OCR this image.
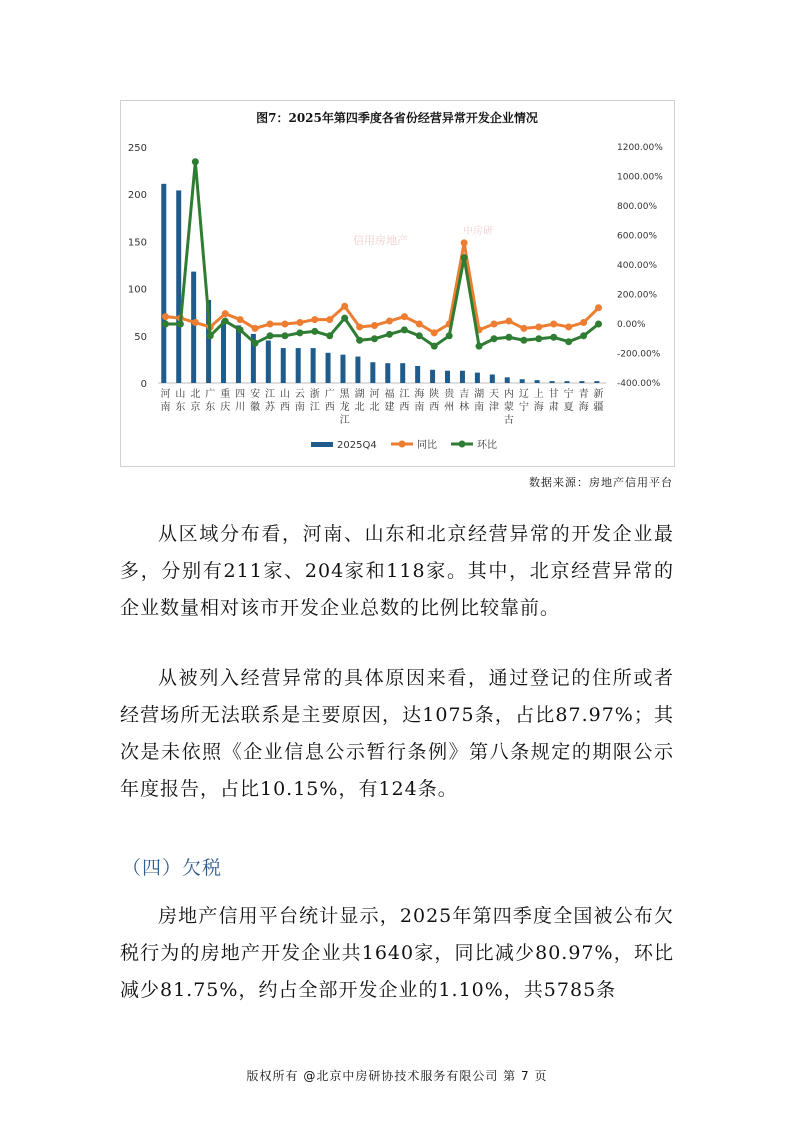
图7：2025年第四季度各省份经营异常开发企业情况
信用房地产
中房研
0
50
100
150
200
250
-400.00%
-200.00%
0.00%
200.00%
400.00%
600.00%
800.00%
1000.00%
1200.00%
河南
山东
北京
广东
重庆
四川
安徽
江苏
山西
云南
浙江
广西
黑龙江
湖北
河北
福建
江西
海南
陕西
贵州
吉林
湖南
天津
内蒙古
辽宁
上海
甘肃
宁夏
青海
新疆
2025Q4	同比	环比
数据来源：房地产信用平台

从区域分布看，河南、山东和北京经营异常的开发企业最多，分别有211家、204家和118家。其中，北京经营异常的企业数量相对该市开发企业总数的比例比较靠前。

从被列入经营异常的具体原因来看，通过登记的住所或者经营场所无法联系是主要原因，达1075条，占比87.97%；其次是未依照《企业信息公示暂行条例》第八条规定的期限公示年度报告，占比10.15%，有124条。

（四）欠税

房地产信用平台统计显示，2025年第四季度全国被公布欠税行为的房地产开发企业共1640家，同比减少80.97%，环比减少81.75%，约占全部开发企业的1.10%，共5785条

版权所有 @北京中房研协技术服务有限公司 第 7 页
